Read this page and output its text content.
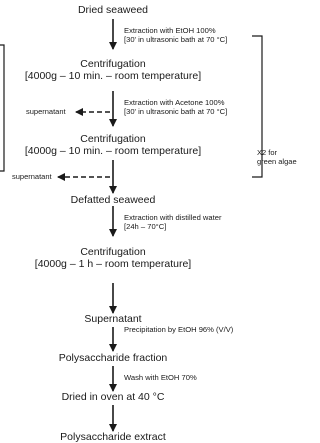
Dried seaweed
Extraction with EtOH 100%
[30' in ultrasonic bath at 70 °C]
Centrifugation
[4000g – 10 min. – room temperature]
supernatant
Extraction with Acetone 100%
[30' in ultrasonic bath at 70 °C]
Centrifugation
[4000g – 10 min. – room temperature]
supernatant
X2 for
green algae
Defatted seaweed
Extraction with distilled water
[24h – 70°C]
Centrifugation
[4000g – 1 h – room temperature]
Supernatant
Precipitation by EtOH 96% (V/V)
Polysaccharide fraction
Wash with EtOH 70%
Dried in oven at 40 °C
Polysaccharide extract
